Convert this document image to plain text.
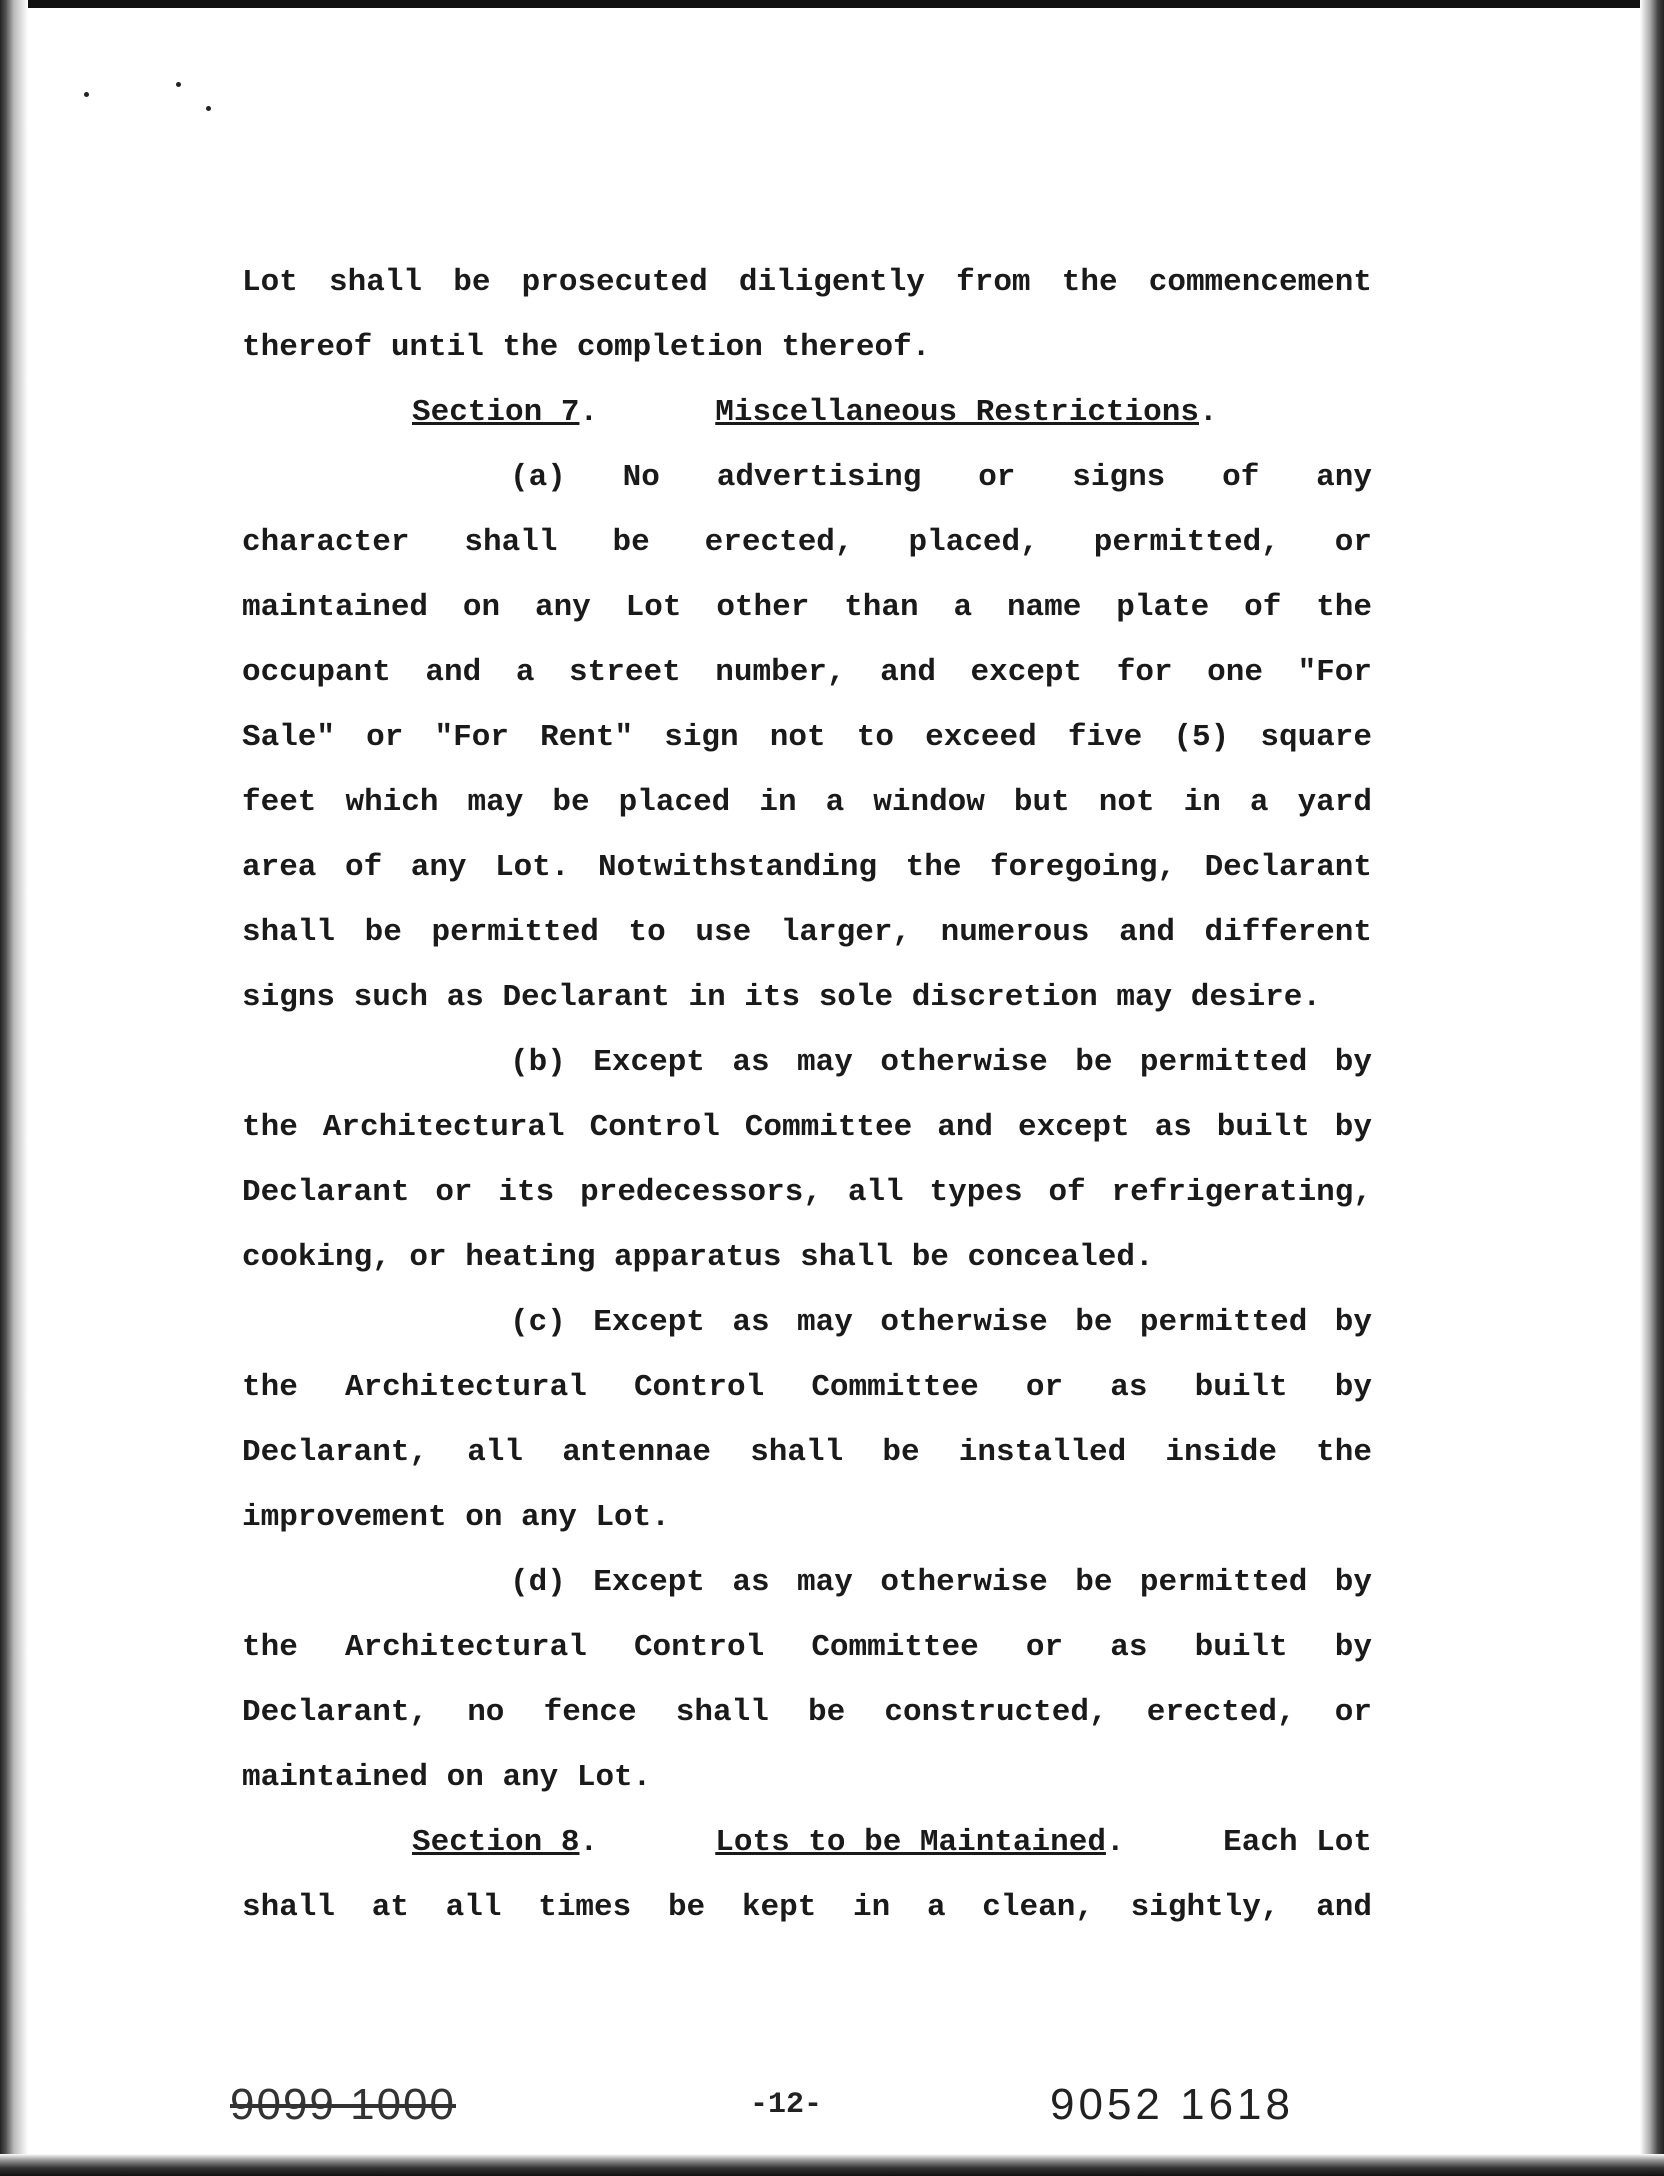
Lot shall be prosecuted diligently from the commencement
thereof until the completion thereof.
Section 7.	Miscellaneous Restrictions.
(a) No advertising or signs of any
character shall be erected, placed, permitted, or
maintained on any Lot other than a name plate of the
occupant and a street number, and except for one "For
Sale" or "For Rent" sign not to exceed five (5) square
feet which may be placed in a window but not in a yard
area of any Lot. Notwithstanding the foregoing, Declarant
shall be permitted to use larger, numerous and different
signs such as Declarant in its sole discretion may desire.
(b) Except as may otherwise be permitted by
the Architectural Control Committee and except as built by
Declarant or its predecessors, all types of refrigerating,
cooking, or heating apparatus shall be concealed.
(c) Except as may otherwise be permitted by
the Architectural Control Committee or as built by
Declarant, all antennae shall be installed inside the
improvement on any Lot.
(d) Except as may otherwise be permitted by
the Architectural Control Committee or as built by
Declarant, no fence shall be constructed, erected, or
maintained on any Lot.
Section 8.	Lots to be Maintained.	Each Lot
shall at all times be kept in a clean, sightly, and
9099 1000	-12-	9052 1618
